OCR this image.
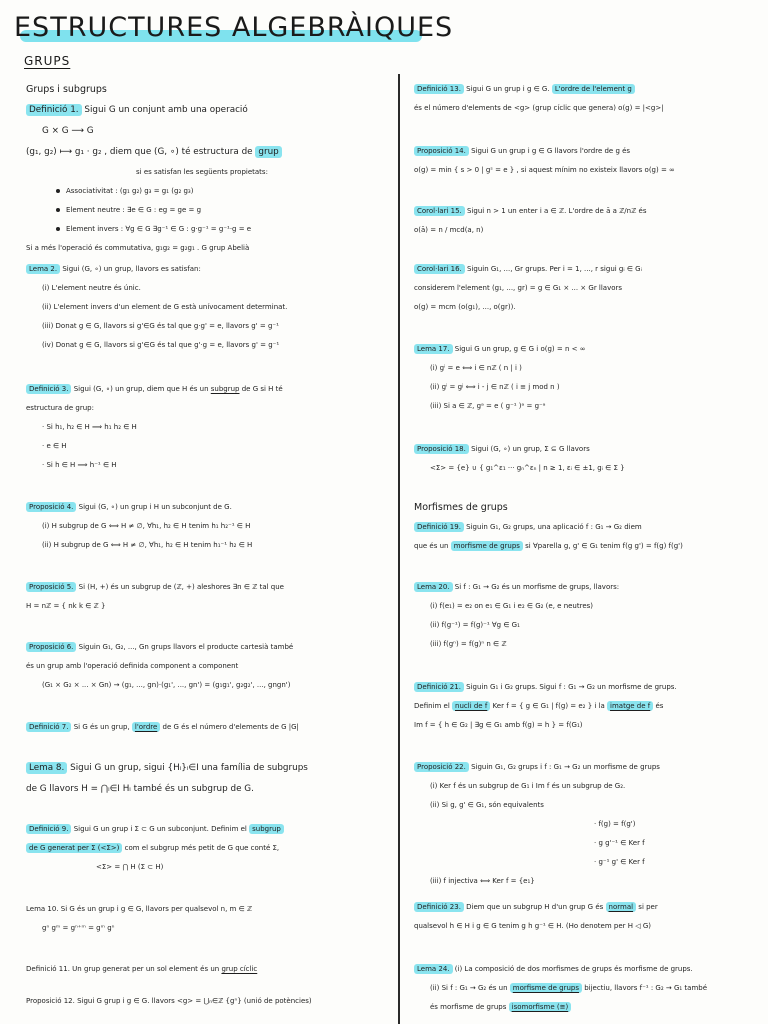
ESTRUCTURES ALGEBRÀIQUES
GRUPS
Grups i subgrups
Definició 1. Sigui G un conjunt amb una operació
G × G ⟶ G
(g₁, g₂) ⟼ g₁ · g₂ , diem que (G, ∘) té estructura de grup
si es satisfan les següents propietats:
Associativitat : (g₁ g₂) g₃ = g₁ (g₂ g₃)
Element neutre : ∃e ∈ G : eg = ge = g
Element invers : ∀g ∈ G ∃g⁻¹ ∈ G : g·g⁻¹ = g⁻¹·g = e
Si a més l'operació és commutativa, g₁g₂ = g₂g₁ . G grup Abelià
Lema 2. Sigui (G, ∘) un grup, llavors es satisfan:
(i) L'element neutre és únic.
(ii) L'element invers d'un element de G està unívocament determinat.
(iii) Donat g ∈ G, llavors si g'∈G és tal que g·g' = e, llavors g' = g⁻¹
(iv) Donat g ∈ G, llavors si g'∈G és tal que g'·g = e, llavors g' = g⁻¹
Definició 3. Sigui (G, ∘) un grup, diem que H és un subgrup de G si H té
estructura de grup:
· Si h₁, h₂ ∈ H ⟹ h₁ h₂ ∈ H
· e ∈ H
· Si h ∈ H ⟹ h⁻¹ ∈ H
Proposició 4. Sigui (G, ∘) un grup i H un subconjunt de G.
(i) H subgrup de G ⟺ H ≠ ∅, ∀h₁, h₂ ∈ H tenim h₁ h₂⁻¹ ∈ H
(ii) H subgrup de G ⟺ H ≠ ∅, ∀h₁, h₂ ∈ H tenim h₁⁻¹ h₂ ∈ H
Proposició 5. Si (H, +) és un subgrup de (ℤ, +) aleshores ∃n ∈ ℤ tal que
H = nℤ = { nk k ∈ ℤ }
Proposició 6. Siguin G₁, G₂, ..., Gn grups llavors el producte cartesià també
és un grup amb l'operació definida component a component
(G₁ × G₂ × ... × Gn) → (g₁, ..., gn)·(g₁', ..., gn') = (g₁g₁', g₂g₂', ..., gngn')
Definició 7. Si G és un grup, l'ordre de G és el número d'elements de G |G|
Lema 8. Sigui G un grup, sigui {Hᵢ}ᵢ∈I una família de subgrups
de G llavors H = ⋂ᵢ∈I Hᵢ també és un subgrup de G.
Definició 9. Sigui G un grup i Σ ⊂ G un subconjunt. Definim el subgrup
de G generat per Σ (<Σ>) com el subgrup més petit de G que conté Σ,
<Σ> = ⋂ H (Σ ⊂ H)
Lema 10. Si G és un grup i g ∈ G, llavors per qualsevol n, m ∈ ℤ
gⁿ gᵐ = gⁿ⁺ᵐ = gᵐ gⁿ
Definició 11. Un grup generat per un sol element és un grup cíclic
Proposició 12. Sigui G grup i g ∈ G. llavors <g> = ⋃ₙ∈ℤ {gⁿ} (unió de potències)
Definició 13. Sigui G un grup i g ∈ G. L'ordre de l'element g
és el número d'elements de <g> (grup cíclic que genera) o(g) = |<g>|
Proposició 14. Sigui G un grup i g ∈ G llavors l'ordre de g és
o(g) = min { s > 0 | gˢ = e } , si aquest mínim no existeix llavors o(g) = ∞
Corol·lari 15. Sigui n > 1 un enter i a ∈ ℤ. L'ordre de ā a ℤ/nℤ és
o(ā) = n / mcd(a, n)
Corol·lari 16. Siguin G₁, ..., Gr grups. Per i = 1, ..., r sigui gᵢ ∈ Gᵢ
considerem l'element (g₁, ..., gr) = g ∈ G₁ × ... × Gr llavors
o(g) = mcm (o(g₁), ..., o(gr)).
Lema 17. Sigui G un grup, g ∈ G i o(g) = n < ∞
(i) gⁱ = e ⟺ i ∈ nℤ ( n | i )
(ii) gⁱ = gʲ ⟺ i - j ∈ nℤ ( i ≡ j mod n )
(iii) Si a ∈ ℤ, gᵃ = e ( g⁻¹ )ᵃ = g⁻ᵃ
Proposició 18. Sigui (G, ∘) un grup, Σ ⊆ G llavors
<Σ> = {e} ∪ { g₁^ε₁ ··· gₙ^εₙ | n ≥ 1, εᵢ ∈ ±1, gᵢ ∈ Σ }
Morfismes de grups
Definició 19. Siguin G₁, G₂ grups, una aplicació f : G₁ → G₂ diem
que és un morfisme de grups si ∀parella g, g' ∈ G₁ tenim f(g g') = f(g) f(g')
Lema 20. Si f : G₁ → G₂ és un morfisme de grups, llavors:
(i) f(e₁) = e₂ on e₁ ∈ G₁ i e₂ ∈ G₂ (e, e neutres)
(ii) f(g⁻¹) = f(g)⁻¹ ∀g ∈ G₁
(iii) f(gⁿ) = f(g)ⁿ n ∈ ℤ
Definició 21. Siguin G₁ i G₂ grups. Sigui f : G₁ → G₂ un morfisme de grups.
Definim el nucli de f Ker f = { g ∈ G₁ | f(g) = e₂ } i la imatge de f és
Im f = { h ∈ G₂ | ∃g ∈ G₁ amb f(g) = h } = f(G₁)
Proposició 22. Siguin G₁, G₂ grups i f : G₁ → G₂ un morfisme de grups
(i) Ker f és un subgrup de G₁ i Im f és un subgrup de G₂.
(ii) Si g, g' ∈ G₁, són equivalents
· f(g) = f(g')
· g g'⁻¹ ∈ Ker f
· g⁻¹ g' ∈ Ker f
(iii) f injectiva ⟺ Ker f = {e₁}
Definició 23. Diem que un subgrup H d'un grup G és normal si per
qualsevol h ∈ H i g ∈ G tenim g h g⁻¹ ∈ H. (Ho denotem per H ◁ G)
Lema 24. (i) La composició de dos morfismes de grups és morfisme de grups.
(ii) Si f : G₁ → G₂ és un morfisme de grups bijectiu, llavors f⁻¹ : G₂ → G₁ també
és morfisme de grups isomorfisme (≅)
